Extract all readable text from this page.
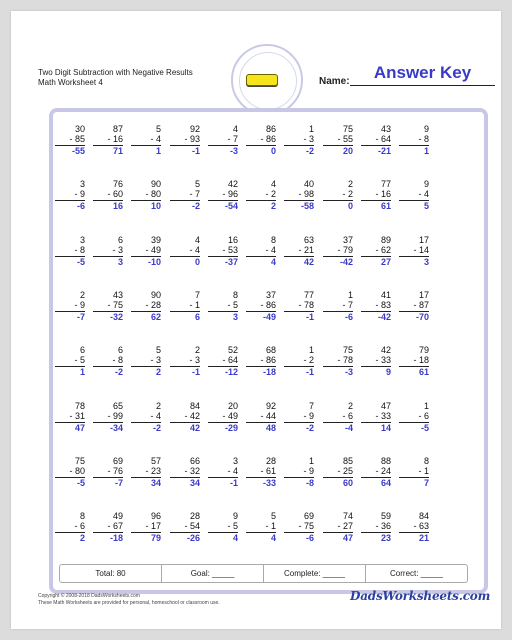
Two Digit Subtraction with Negative Results
Math Worksheet 4	Name:	Answer Key
30
- 85
-55
87
- 16
71
5
- 4
1
92
- 93
-1
4
- 7
-3
86
- 86
0
1
- 3
-2
75
- 55
20
43
- 64
-21
9
- 8
1
3
- 9
-6
76
- 60
16
90
- 80
10
5
- 7
-2
42
- 96
-54
4
- 2
2
40
- 98
-58
2
- 2
0
77
- 16
61
9
- 4
5
3
- 8
-5
6
- 3
3
39
- 49
-10
4
- 4
0
16
- 53
-37
8
- 4
4
63
- 21
42
37
- 79
-42
89
- 62
27
17
- 14
3
2
- 9
-7
43
- 75
-32
90
- 28
62
7
- 1
6
8
- 5
3
37
- 86
-49
77
- 78
-1
1
- 7
-6
41
- 83
-42
17
- 87
-70
6
- 5
1
6
- 8
-2
5
- 3
2
2
- 3
-1
52
- 64
-12
68
- 86
-18
1
- 2
-1
75
- 78
-3
42
- 33
9
79
- 18
61
78
- 31
47
65
- 99
-34
2
- 4
-2
84
- 42
42
20
- 49
-29
92
- 44
48
7
- 9
-2
2
- 6
-4
47
- 33
14
1
- 6
-5
75
- 80
-5
69
- 76
-7
57
- 23
34
66
- 32
34
3
- 4
-1
28
- 61
-33
1
- 9
-8
85
- 25
60
88
- 24
64
8
- 1
7
8
- 6
2
49
- 67
-18
96
- 17
79
28
- 54
-26
9
- 5
4
5
- 1
4
69
- 75
-6
74
- 27
47
59
- 36
23
84
- 63
21
Total: 80	Goal: _____	Complete: _____	Correct: _____
Copyright © 2008-2018 DadsWorksheets.com
These Math Worksheets are provided for personal, homeschool or classroom use.	DadsWorksheets.com
